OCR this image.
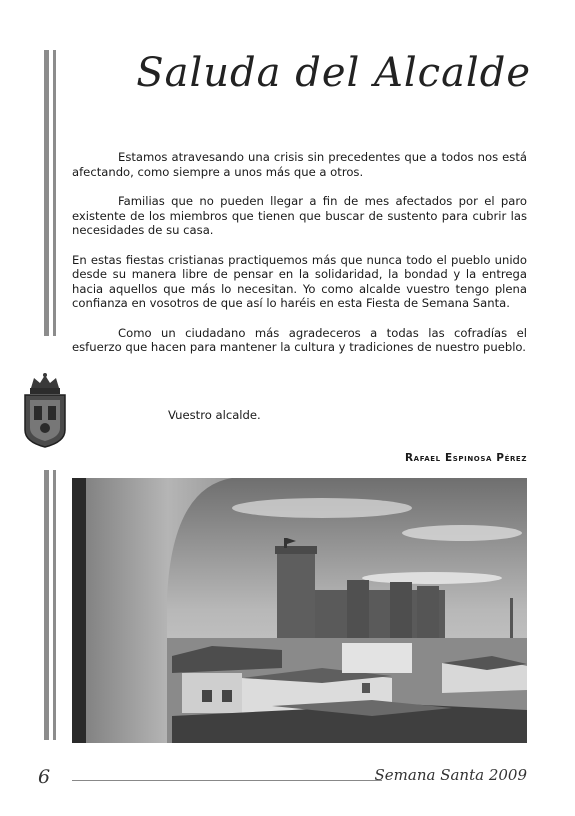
Saluda del Alcalde

Estamos atravesando una crisis sin precedentes que a todos nos está afectando, como siempre a unos más que a otros.

Familias que no pueden llegar a fin de mes afectados por el paro existente de los miembros que tienen que buscar de sustento para cubrir las necesidades de su casa.

En estas fiestas cristianas practiquemos más que nunca todo el pueblo unido desde su manera libre de pensar en la solidaridad, la bondad y la entrega hacia aquellos que más lo necesitan. Yo como alcalde vuestro tengo plena confianza en vosotros de que así lo haréis en esta Fiesta de Semana Santa.

Como un ciudadano más agradeceros a todas las cofradías el esfuerzo que hacen para mantener la cultura y tradiciones de nuestro pueblo.

Vuestro alcalde.
Rafael Espinosa Pérez
6	Semana Santa 2009
